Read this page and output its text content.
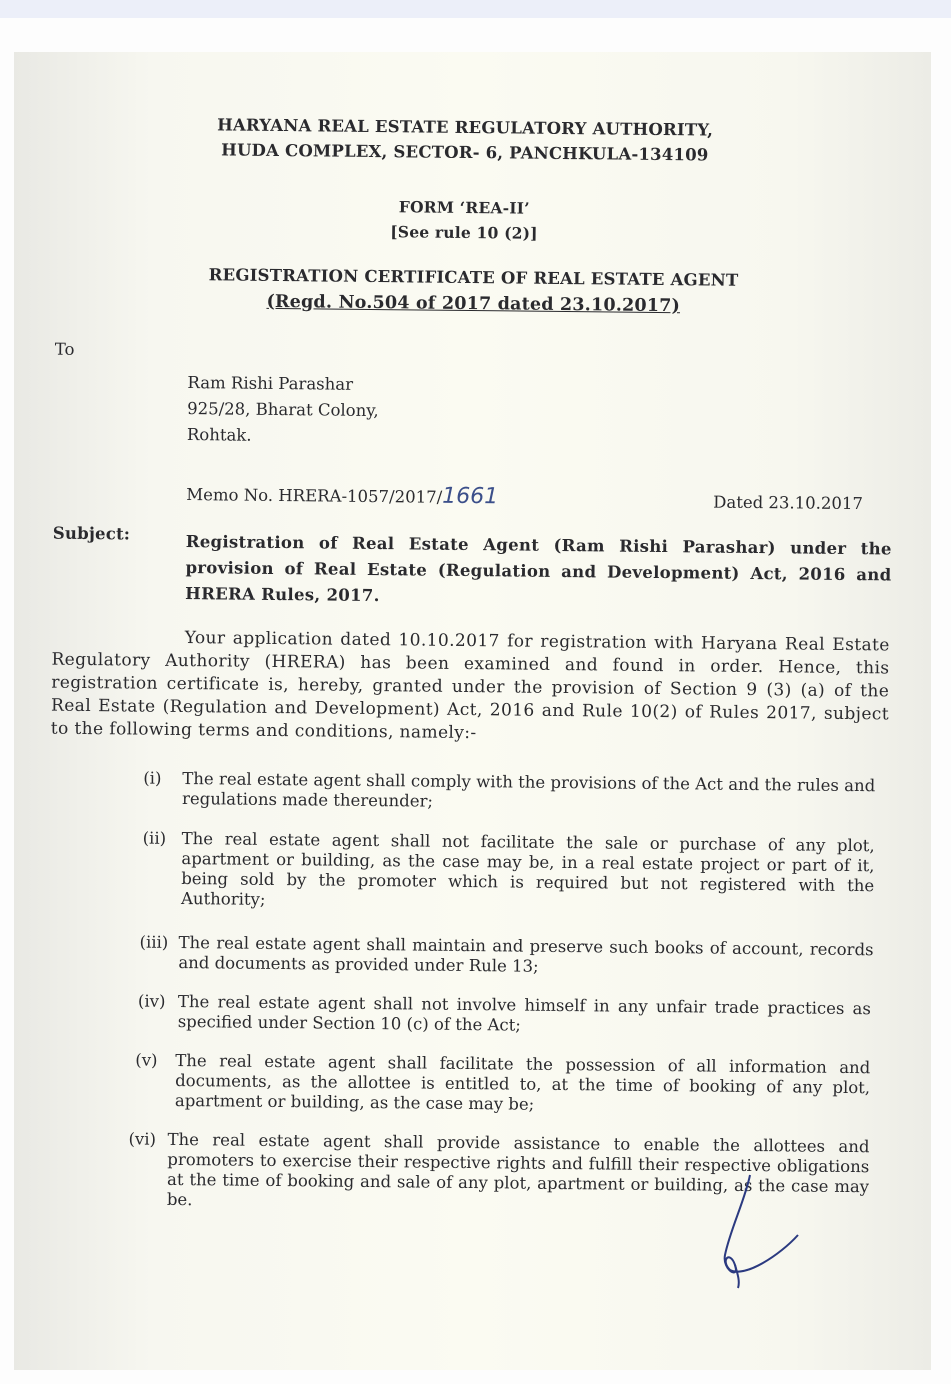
HARYANA REAL ESTATE REGULATORY AUTHORITY,
HUDA COMPLEX, SECTOR- 6, PANCHKULA-134109
FORM ‘REA-II’
[See rule 10 (2)]
REGISTRATION CERTIFICATE OF REAL ESTATE AGENT
(Regd. No.504 of 2017 dated 23.10.2017)
To
Ram Rishi Parashar
925/28, Bharat Colony,
Rohtak.
Memo No. HRERA-1057/2017/1661	Dated 23.10.2017
Subject:	Registration of Real Estate Agent (Ram Rishi Parashar) under the provision of Real Estate (Regulation and Development) Act, 2016 and HRERA Rules, 2017.
Your application dated 10.10.2017 for registration with Haryana Real Estate Regulatory Authority (HRERA) has been examined and found in order. Hence, this registration certificate is, hereby, granted under the provision of Section 9 (3) (a) of the Real Estate (Regulation and Development) Act, 2016 and Rule 10(2) of Rules 2017, subject to the following terms and conditions, namely:-
(i) The real estate agent shall comply with the provisions of the Act and the rules and regulations made thereunder;
(ii) The real estate agent shall not facilitate the sale or purchase of any plot, apartment or building, as the case may be, in a real estate project or part of it, being sold by the promoter which is required but not registered with the Authority;
(iii) The real estate agent shall maintain and preserve such books of account, records and documents as provided under Rule 13;
(iv) The real estate agent shall not involve himself in any unfair trade practices as specified under Section 10 (c) of the Act;
(v) The real estate agent shall facilitate the possession of all information and documents, as the allottee is entitled to, at the time of booking of any plot, apartment or building, as the case may be;
(vi) The real estate agent shall provide assistance to enable the allottees and promoters to exercise their respective rights and fulfill their respective obligations at the time of booking and sale of any plot, apartment or building, as the case may be.
